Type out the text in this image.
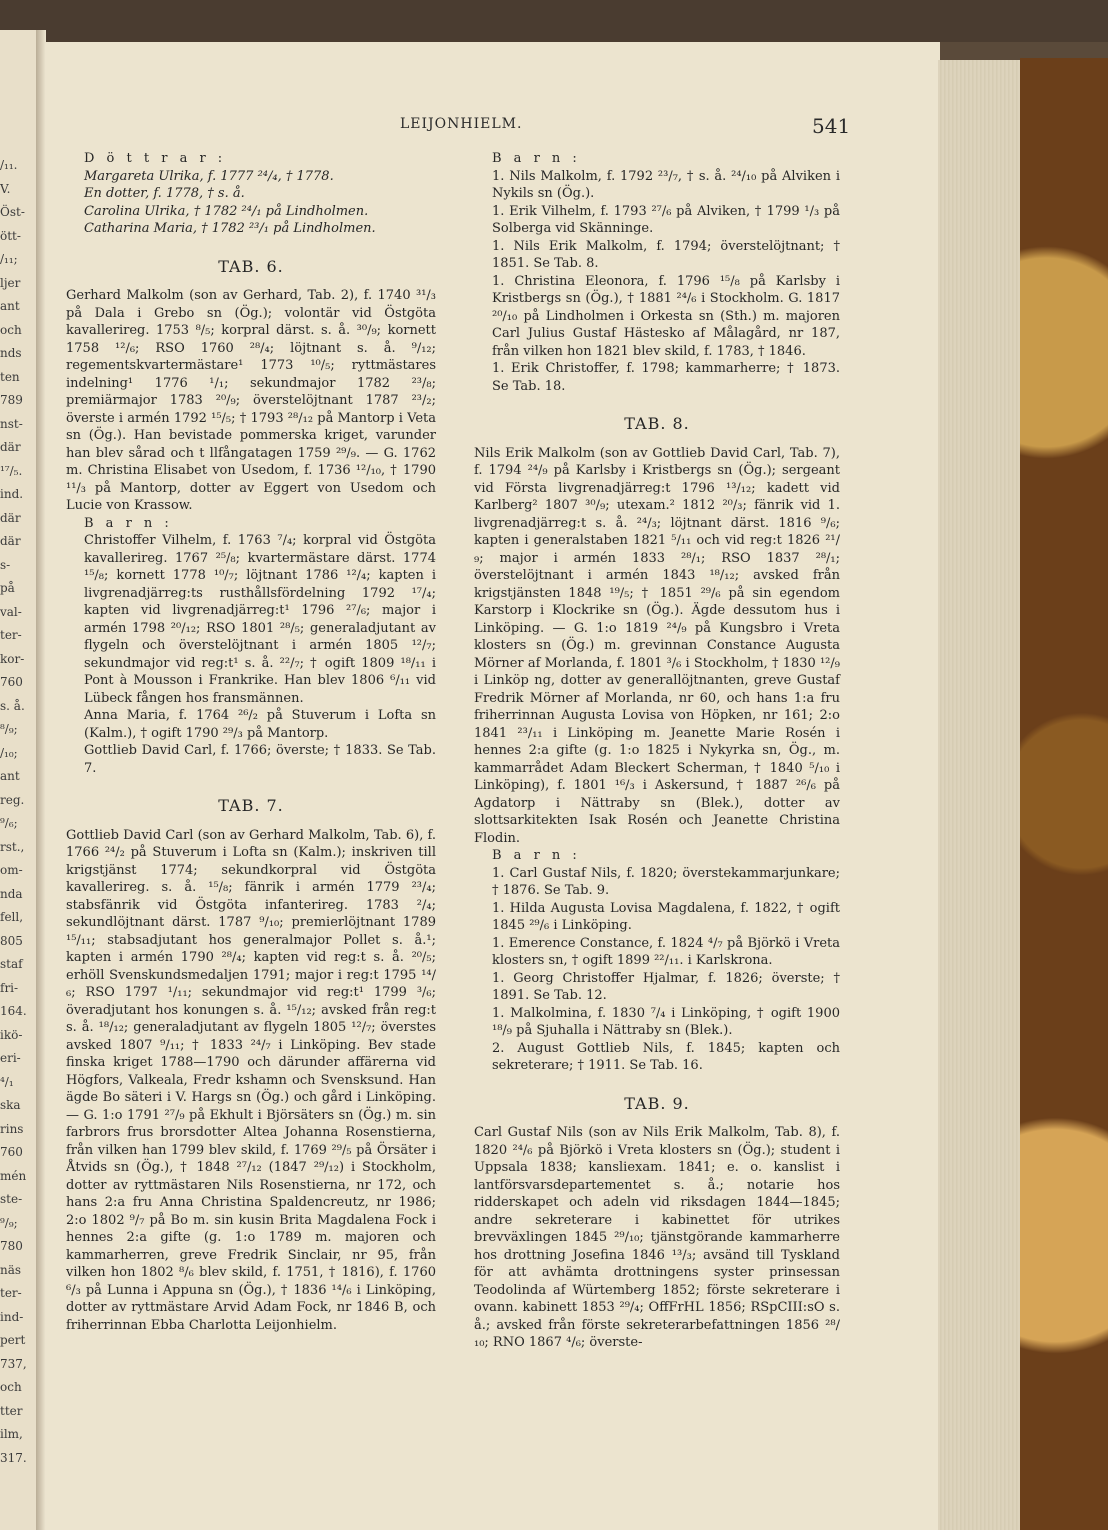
/₁₁.
V.
Öst-
ött-
/₁₁;
ljer
ant
och
nds
ten
789
nst-
där
¹⁷/₅.
ind.
där
där
s-
på
val-
ter-
kor-
760
s. å.
⁸/₉;
/₁₀;
ant
reg.
⁹/₆;
rst.,
om-
nda
fell,
805
staf
fri-
164.
ikö-
eri-
⁴/₁
ska
rins
760
mén
ste-
⁹/₉;
780
näs
ter-
ind-
pert
737,
och
tter
ilm,
317.
LEIJONHIELM.	541

D ö t t r a r :

Margareta Ulrika, f. 1777 ²⁴/₄, † 1778.

En dotter, f. 1778, † s. å.

Carolina Ulrika, † 1782 ²⁴/₁ på Lindholmen.

Catharina Maria, † 1782 ²³/₁ på Lindholmen.

TAB. 6.

Gerhard Malkolm (son av Gerhard, Tab. 2), f. 1740 ³¹/₃ på Dala i Grebo sn (Ög.); volontär vid Östgöta kavallerireg. 1753 ⁸/₅; korpral därst. s. å. ³⁰/₉; kornett 1758 ¹²/₆; RSO 1760 ²⁸/₄; löjtnant s. å. ⁹/₁₂; regementskvartermästare¹ 1773 ¹⁰/₅; ryttmästares indelning¹ 1776 ¹/₁; sekundmajor 1782 ²³/₈; premiärmajor 1783 ²⁰/₉; överstelöjtnant 1787 ²³/₂; överste i armén 1792 ¹⁵/₅; † 1793 ²⁸/₁₂ på Mantorp i Veta sn (Ög.). Han bevistade pommerska kriget, varunder han blev sårad och t llfångatagen 1759 ²⁹/₉. — G. 1762 m. Christina Elisabet von Usedom, f. 1736 ¹²/₁₀, † 1790 ¹¹/₃ på Mantorp, dotter av Eggert von Usedom och Lucie von Krassow.

B a r n :

Christoffer Vilhelm, f. 1763 ⁷/₄; korpral vid Östgöta kavallerireg. 1767 ²⁵/₈; kvartermästare därst. 1774 ¹⁵/₈; kornett 1778 ¹⁰/₇; löjtnant 1786 ¹²/₄; kapten i livgrenadjärreg:ts rusthållsfördelning 1792 ¹⁷/₄; kapten vid livgrenadjärreg:t¹ 1796 ²⁷/₆; major i armén 1798 ²⁰/₁₂; RSO 1801 ²⁸/₅; generaladjutant av flygeln och överstelöjtnant i armén 1805 ¹²/₇; sekundmajor vid reg:t¹ s. å. ²²/₇; † ogift 1809 ¹⁸/₁₁ i Pont à Mousson i Frankrike. Han blev 1806 ⁶/₁₁ vid Lübeck fången hos fransmännen.

Anna Maria, f. 1764 ²⁶/₂ på Stuverum i Lofta sn (Kalm.), † ogift 1790 ²⁹/₃ på Mantorp.

Gottlieb David Carl, f. 1766; överste; † 1833. Se Tab. 7.

TAB. 7.

Gottlieb David Carl (son av Gerhard Malkolm, Tab. 6), f. 1766 ²⁴/₂ på Stuverum i Lofta sn (Kalm.); inskriven till krigstjänst 1774; sekundkorpral vid Östgöta kavallerireg. s. å. ¹⁵/₈; fänrik i armén 1779 ²³/₄; stabsfänrik vid Östgöta infanterireg. 1783 ²/₄; sekundlöjtnant därst. 1787 ⁹/₁₀; premierlöjtnant 1789 ¹⁵/₁₁; stabsadjutant hos generalmajor Pollet s. å.¹; kapten i armén 1790 ²⁸/₄; kapten vid reg:t s. å. ²⁰/₅; erhöll Svenskundsmedaljen 1791; major i reg:t 1795 ¹⁴/₆; RSO 1797 ¹/₁₁; sekundmajor vid reg:t¹ 1799 ³/₆; överadjutant hos konungen s. å. ¹⁵/₁₂; avsked från reg:t s. å. ¹⁸/₁₂; generaladjutant av flygeln 1805 ¹²/₇; överstes avsked 1807 ⁹/₁₁; † 1833 ²⁴/₇ i Linköping. Bev stade finska kriget 1788—1790 och därunder affärerna vid Högfors, Valkeala, Fredr kshamn och Svensksund. Han ägde Bo säteri i V. Hargs sn (Ög.) och gård i Linköping. — G. 1:o 1791 ²⁷/₉ på Ekhult i Björsäters sn (Ög.) m. sin farbrors frus brorsdotter Altea Johanna Rosenstierna, från vilken han 1799 blev skild, f. 1769 ²⁹/₅ på Örsäter i Åtvids sn (Ög.), † 1848 ²⁷/₁₂ (1847 ²⁹/₁₂) i Stockholm, dotter av ryttmästaren Nils Rosenstierna, nr 172, och hans 2:a fru Anna Christina Spaldencreutz, nr 1986; 2:o 1802 ⁹/₇ på Bo m. sin kusin Brita Magdalena Fock i hennes 2:a gifte (g. 1:o 1789 m. majoren och kammarherren, greve Fredrik Sinclair, nr 95, från vilken hon 1802 ⁸/₆ blev skild, f. 1751, † 1816), f. 1760 ⁶/₃ på Lunna i Appuna sn (Ög.), † 1836 ¹⁴/₆ i Linköping, dotter av ryttmästare Arvid Adam Fock, nr 1846 B, och friherrinnan Ebba Charlotta Leijonhielm.

B a r n :

1. Nils Malkolm, f. 1792 ²³/₇, † s. å. ²⁴/₁₀ på Alviken i Nykils sn (Ög.).

1. Erik Vilhelm, f. 1793 ²⁷/₆ på Alviken, † 1799 ¹/₃ på Solberga vid Skänninge.

1. Nils Erik Malkolm, f. 1794; överstelöjtnant; † 1851. Se Tab. 8.

1. Christina Eleonora, f. 1796 ¹⁵/₈ på Karlsby i Kristbergs sn (Ög.), † 1881 ²⁴/₆ i Stockholm. G. 1817 ²⁰/₁₀ på Lindholmen i Orkesta sn (Sth.) m. majoren Carl Julius Gustaf Hästesko af Målagård, nr 187, från vilken hon 1821 blev skild, f. 1783, † 1846.

1. Erik Christoffer, f. 1798; kammarherre; † 1873. Se Tab. 18.

TAB. 8.

Nils Erik Malkolm (son av Gottlieb David Carl, Tab. 7), f. 1794 ²⁴/₉ på Karlsby i Kristbergs sn (Ög.); sergeant vid Första livgrenadjärreg:t 1796 ¹³/₁₂; kadett vid Karlberg² 1807 ³⁰/₉; utexam.² 1812 ²⁰/₃; fänrik vid 1. livgrenadjärreg:t s. å. ²⁴/₃; löjtnant därst. 1816 ⁹/₆; kapten i generalstaben 1821 ⁵/₁₁ och vid reg:t 1826 ²¹/₉; major i armén 1833 ²⁸/₁; RSO 1837 ²⁸/₁; överstelöjtnant i armén 1843 ¹⁸/₁₂; avsked från krigstjänsten 1848 ¹⁹/₅; † 1851 ²⁹/₆ på sin egendom Karstorp i Klockrike sn (Ög.). Ägde dessutom hus i Linköping. — G. 1:o 1819 ²⁴/₉ på Kungsbro i Vreta klosters sn (Ög.) m. grevinnan Constance Augusta Mörner af Morlanda, f. 1801 ³/₆ i Stockholm, † 1830 ¹²/₉ i Linköp ng, dotter av generallöjtnanten, greve Gustaf Fredrik Mörner af Morlanda, nr 60, och hans 1:a fru friherrinnan Augusta Lovisa von Höpken, nr 161; 2:o 1841 ²³/₁₁ i Linköping m. Jeanette Marie Rosén i hennes 2:a gifte (g. 1:o 1825 i Nykyrka sn, Ög., m. kammarrådet Adam Bleckert Scherman, † 1840 ⁵/₁₀ i Linköping), f. 1801 ¹⁶/₃ i Askersund, † 1887 ²⁶/₆ på Agdatorp i Nättraby sn (Blek.), dotter av slottsarkitekten Isak Rosén och Jeanette Christina Flodin.

B a r n :

1. Carl Gustaf Nils, f. 1820; överstekammarjunkare; † 1876. Se Tab. 9.

1. Hilda Augusta Lovisa Magdalena, f. 1822, † ogift 1845 ²⁹/₆ i Linköping.

1. Emerence Constance, f. 1824 ⁴/₇ på Björkö i Vreta klosters sn, † ogift 1899 ²²/₁₁. i Karlskrona.

1. Georg Christoffer Hjalmar, f. 1826; överste; † 1891. Se Tab. 12.

1. Malkolmina, f. 1830 ⁷/₄ i Linköping, † ogift 1900 ¹⁸/₉ på Sjuhalla i Nättraby sn (Blek.).

2. August Gottlieb Nils, f. 1845; kapten och sekreterare; † 1911. Se Tab. 16.

TAB. 9.

Carl Gustaf Nils (son av Nils Erik Malkolm, Tab. 8), f. 1820 ²⁴/₆ på Björkö i Vreta klosters sn (Ög.); student i Uppsala 1838; kansliexam. 1841; e. o. kanslist i lantförsvarsdepartementet s. å.; notarie hos ridderskapet och adeln vid riksdagen 1844—1845; andre sekreterare i kabinettet för utrikes brevväxlingen 1845 ²⁹/₁₀; tjänstgörande kammarherre hos drottning Josefina 1846 ¹³/₃; avsänd till Tyskland för att avhämta drottningens syster prinsessan Teodolinda af Würtemberg 1852; förste sekreterare i ovann. kabinett 1853 ²⁹/₄; OffFrHL 1856; RSpCIII:sO s. å.; avsked från förste sekreterarbefattningen 1856 ²⁸/₁₀; RNO 1867 ⁴/₆; överste-
